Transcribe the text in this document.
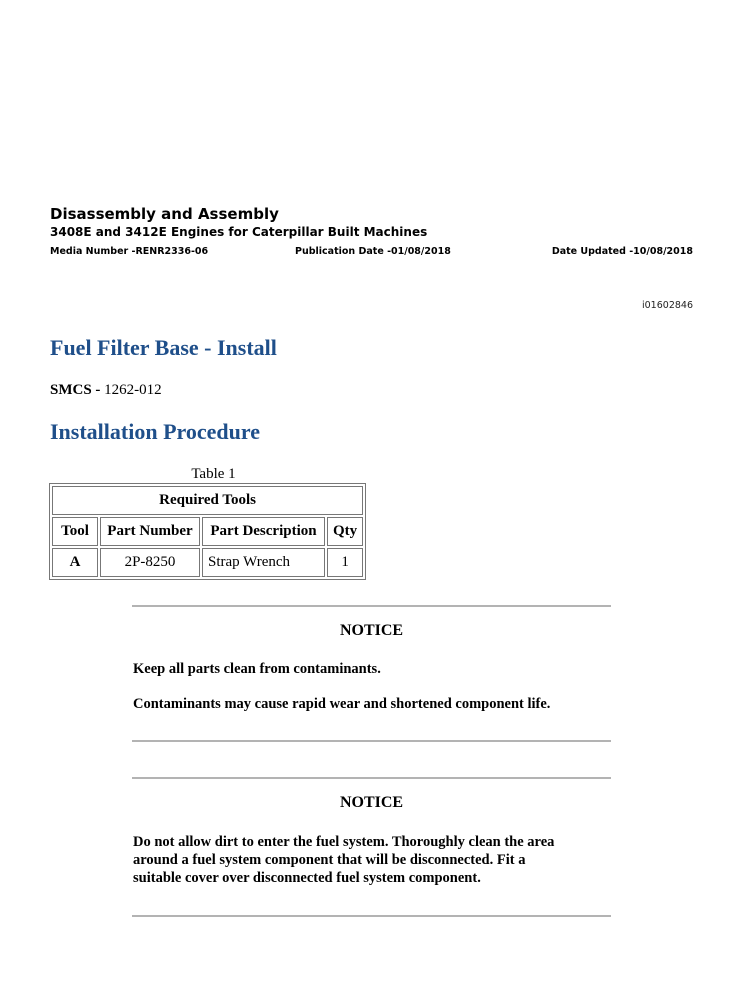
Disassembly and Assembly
3408E and 3412E Engines for Caterpillar Built Machines
Media Number -RENR2336-06	Publication Date -01/08/2018	Date Updated -10/08/2018
i01602846
Fuel Filter Base - Install
SMCS - 1262-012
Installation Procedure
Table 1
Required Tools			
Tool	Part Number	Part Description	Qty
A	2P-8250	Strap Wrench	1
NOTICE
Keep all parts clean from contaminants.
Contaminants may cause rapid wear and shortened component life.
NOTICE
Do not allow dirt to enter the fuel system. Thoroughly clean the area
around a fuel system component that will be disconnected. Fit a
suitable cover over disconnected fuel system component.
